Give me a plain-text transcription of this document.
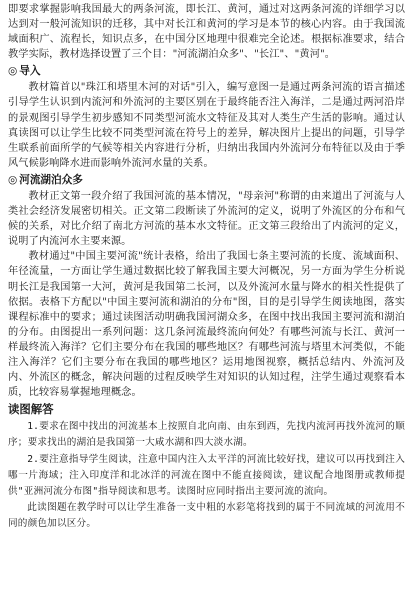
即要求掌握影响我国最大的两条河流，即长江、黄河，通过对这两条河流的详细学习以达到对一般河流知识的迁移，其中对长江和黄河的学习是本节的核心内容。由于我国流域面积广、流程长，知识点多，在中国分区地理中很难完全论述。根据标准要求，结合教学实际，教材选择设置了三个目："河流湖泊众多"、"长江"、"黄河"。

◎ 导入

教材篇首以"珠江和塔里木河的对话"引入，编写意图一是通过两条河流的语言描述引导学生认识到内流河和外流河的主要区别在于最终能否注入海洋，二是通过两河沿岸的景观图引导学生初步感知不同类型河流水文特征及其对人类生产生活的影响。通过认真读图可以让学生比较不同类型河流在符号上的差异，解决图片上提出的问题，引导学生联系前面所学的气候等相关内容进行分析，归纳出我国内外流河分布特征以及由于季风气候影响降水进而影响外流河水量的关系。

◎ 河流湖泊众多

教材正文第一段介绍了我国河流的基本情况，"母亲河"称谓的由来道出了河流与人类社会经济发展密切相关。正文第二段断读了外流河的定义，说明了外流区的分布和气候的关系，对比介绍了南北方河流的基本水文特征。正文第三段给出了内流河的定义，说明了内流河水主要来源。

教材通过"中国主要河流"统计表格，给出了我国七条主要河流的长度、流域面积、年径流量，一方面让学生通过数据比较了解我国主要大河概况，另一方面为学生分析说明长江是我国第一大河，黄河是我国第二长河，以及外流河水量与降水的相关性提供了依据。表格下方配以"中国主要河流和湖泊的分布"图，目的是引导学生阅读地图，落实课程标准中的要求；通过读图活动明确我国河湖众多，在图中找出我国主要河流和湖泊的分布。由图提出一系列问题：这几条河流最终流向何处？有哪些河流与长江、黄河一样最终流入海洋？它们主要分布在我国的哪些地区？有哪些河流与塔里木河类似，不能注入海洋？它们主要分布在我国的哪些地区？运用地图视察，概括总结内、外流河及内、外流区的概念，解决问题的过程反映学生对知识的认知过程，注学生通过观察看本质，比较容易掌握地理概念。

读图解答

1.要求在图中找出的河流基本上按照自北向南、由东到西，先找内流河再找外流河的顺序；要求找出的湖泊是我国第一大咸水湖和四大淡水湖。

2.要注意指导学生阅读，注意中国内注入太平洋的河流比较好找，建议可以再找到注入哪一片海域；注入印度洋和北冰洋的河流在图中不能直接阅读，建议配合地图册或教师提供"亚洲河流分布图"指导阅读和思考。读图时应同时指出主要河流的流向。

此读图题在教学时可以让学生准备一支中粗的水彩笔将找到的属于不同流域的河流用不同的颜色加以区分。
